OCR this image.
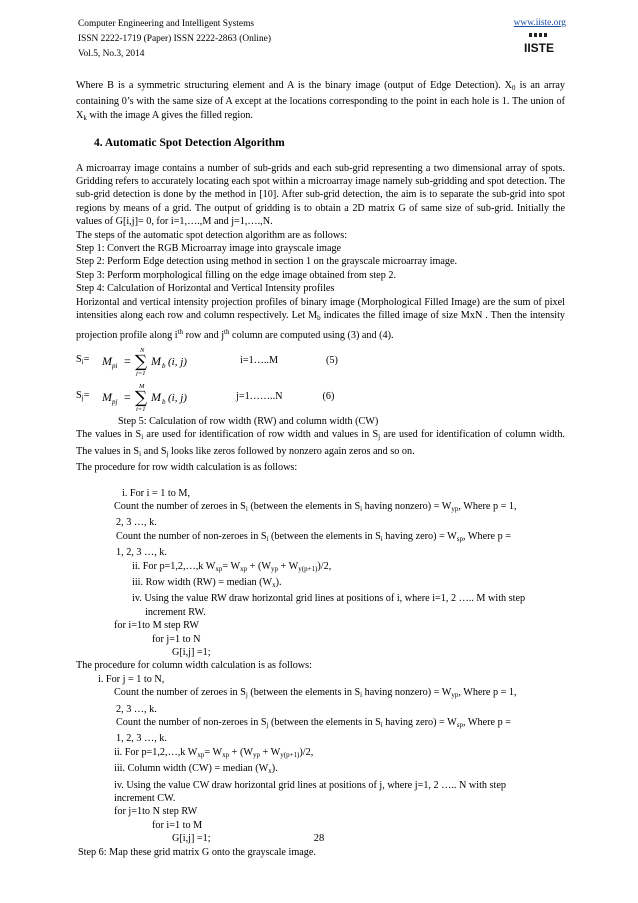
Computer Engineering and Intelligent Systems
ISSN 2222-1719 (Paper) ISSN 2222-2863 (Online)
Vol.5, No.3, 2014
www.iiste.org
IISTE

Where B is a symmetric structuring element and A is the binary image (output of Edge Detection). $X_0$ is an array containing 0’s with the same size of A except at the locations corresponding to the point in each hole is 1. The union of $X_k$ with the image A gives the filled region.

4. Automatic Spot Detection Algorithm

A microarray image contains a number of sub-grids and each sub-grid representing a two dimensional array of spots. Gridding refers to accurately locating each spot within a microarray image namely sub-gridding and spot detection. The sub-grid detection is done by the method in [10]. After sub-grid detection, the aim is to separate the sub-grid into spot regions by means of a grid. The output of gridding is to obtain a 2D matrix G of same size of sub-grid. Initially the values of G[i,j]= 0, for i=1,….,M and j=1,….,N.

The steps of the automatic spot detection algorithm are as follows:

Step 1: Convert the RGB Microarray image into grayscale image

Step 2: Perform Edge detection using method in section 1 on the grayscale microarray image.

Step 3: Perform morphological filling on the edge image obtained from step 2.

Step 4: Calculation of Horizontal and Vertical Intensity profiles

Horizontal and vertical intensity projection profiles of binary image (Morphological Filled Image) are the sum of pixel intensities along each row and column respectively. Let $M_b$ indicates the filled image of size MxN . Then the intensity projection profile along $i^{th}$ row and $j^{th}$ column are computed using (3) and (4).

$S_i=$	M pi = ∑
N
j=1
M b (i, j)	i=1…..M	(5)
$S_j=$	M pj = ∑
M
i=1
M b (i, j)	j=1……..N	(6)

Step 5: Calculation of row width (RW) and column width (CW)

The values in $S_i$ are used for identification of row width and values in $S_j$ are used for identification of column width. The values in $S_i$ and $S_j$ looks like zeros followed by nonzero again zeros and so on.

The procedure for row width calculation is as follows:

i. For i = 1 to M,

Count the number of zeroes in $S_i$ (between the elements in $S_i$ having nonzero) = $W_{yp}$, Where p = 1,

2, 3 …, k.

Count the number of non-zeroes in $S_i$ (between the elements in $S_i$ having zero) = $W_{sp}$, Where p =

1, 2, 3 …, k.

ii. For p=1,2,…,k $W_{xp}= W_{xp} + (W_{yp} + W_{y(p+1)})/2$,

iii. Row width (RW) = median $(W_x)$.

iv. Using the value RW draw horizontal grid lines at positions of i, where i=1, 2 ….. M with step

increment RW.

for i=1to M step RW

for j=1 to N

G[i,j] =1;

The procedure for column width calculation is as follows:

i. For j = 1 to N,

Count the number of zeroes in $S_j$ (between the elements in $S_i$ having nonzero) = $W_{yp}$, Where p = 1,

2, 3 …, k.

Count the number of non-zeroes in $S_j$ (between the elements in $S_i$ having zero) = $W_{sp}$, Where p =

1, 2, 3 …, k.

ii. For p=1,2,…,k $W_{xp}= W_{xp} + (W_{yp} + W_{y(p+1)})/2$,

iii. Column width (CW) = median $(W_x)$.

iv. Using the value CW draw horizontal grid lines at positions of j, where j=1, 2 ….. N with step

increment CW.

for j=1to N step RW

for i=1 to M

G[i,j] =1;

Step 6: Map these grid matrix G onto the grayscale image.

28
